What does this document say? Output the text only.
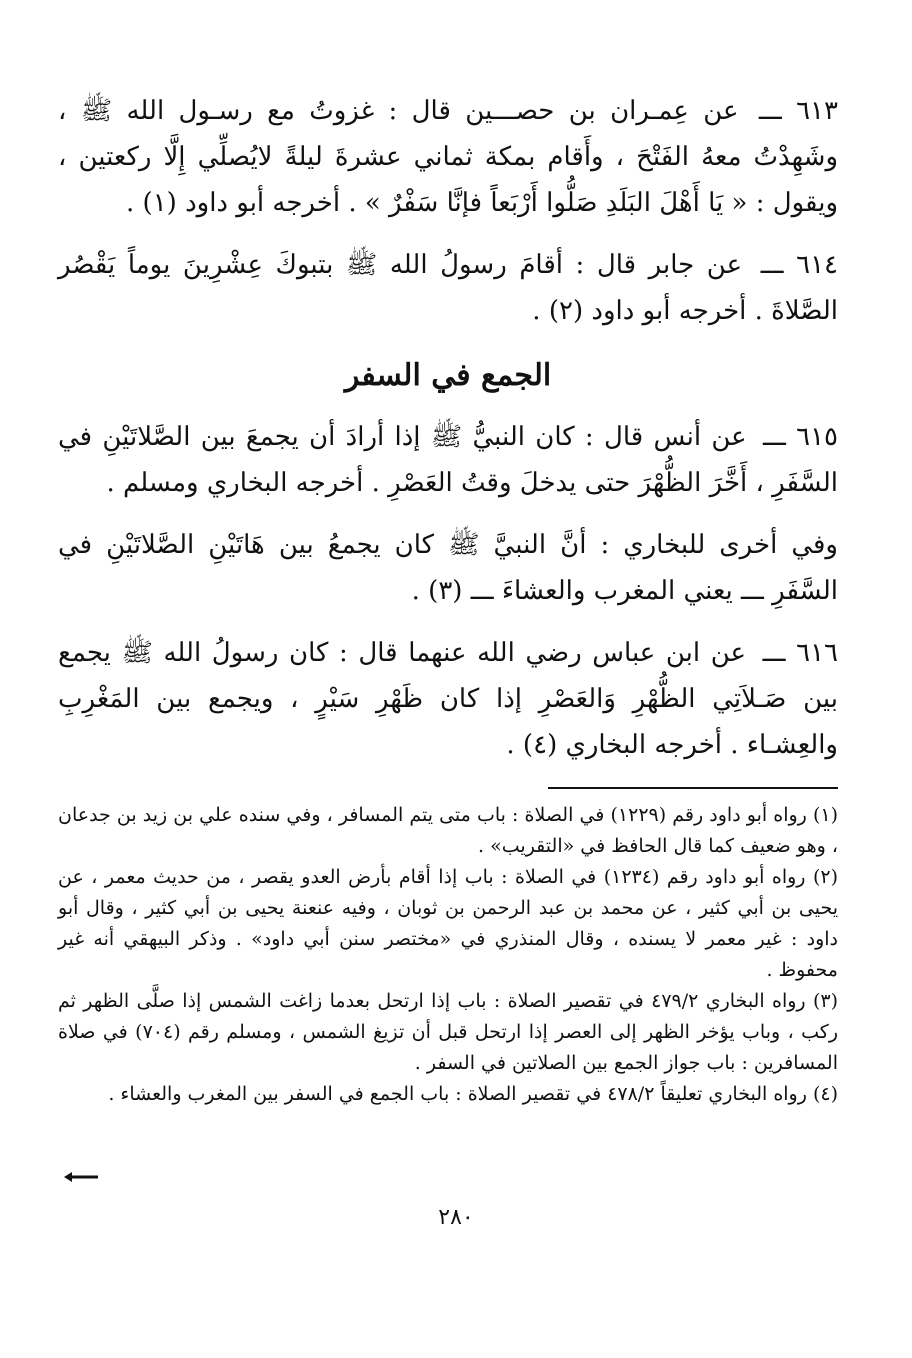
٦١٣ ـــ عن عِمـران بن حصـــين قال : غزوتُ مع رسـول الله ﷺ ، وشَهِدْتُ معهُ الفَتْحَ ، وأَقام بمكة ثماني عشرةَ ليلةً لايُصلِّي إِلَّا ركعتين ، ويقول : « يَا أَهْلَ البَلَدِ صَلُّوا أَرْبَعاً فإنَّا سَفْرٌ » . أخرجه أبو داود (١) .

٦١٤ ـــ عن جابر قال : أقامَ رسولُ الله ﷺ بتبوكَ عِشْرِينَ يوماً يَقْصُر الصَّلاةَ . أخرجه أبو داود (٢) .

الجمع في السفر

٦١٥ ـــ عن أنس قال : كان النبيُّ ﷺ إذا أرادَ أن يجمعَ بين الصَّلاتَيْنِ في السَّفَرِ ، أَخَّرَ الظُّهْرَ حتى يدخلَ وقتُ العَصْرِ . أخرجه البخاري ومسلم .

وفي أخرى للبخاري : أنَّ النبيَّ ﷺ كان يجمعُ بين هَاتَيْنِ الصَّلاتَيْنِ في السَّفَرِ ـــ يعني المغرب والعشاءَ ـــ (٣) .

٦١٦ ـــ عن ابن عباس رضي الله عنهما قال : كان رسولُ الله ﷺ يجمع بين صَـلاَتِي الظُّهْرِ وَالعَصْرِ إذا كان ظَهْرِ سَيْرٍ ، ويجمع بين المَغْرِبِ والعِشـاء . أخرجه البخاري (٤) .

(١) رواه أبو داود رقم (١٢٢٩) في الصلاة : باب متى يتم المسافر ، وفي سنده علي بن زيد بن جدعان ، وهو ضعيف كما قال الحافظ في «التقريب» .

(٢) رواه أبو داود رقم (١٢٣٤) في الصلاة : باب إذا أقام بأرض العدو يقصر ، من حديث معمر ، عن يحيى بن أبي كثير ، عن محمد بن عبد الرحمن بن ثوبان ، وفيه عنعنة يحيى بن أبي كثير ، وقال أبو داود : غير معمر لا يسنده ، وقال المنذري في «مختصر سنن أبي داود» . وذكر البيهقي أنه غير محفوظ .

(٣) رواه البخاري ٤٧٩/٢ في تقصير الصلاة : باب إذا ارتحل بعدما زاغت الشمس إذا صلَّى الظهر ثم ركب ، وباب يؤخر الظهر إلى العصر إذا ارتحل قبل أن تزيغ الشمس ، ومسلم رقم (٧٠٤) في صلاة المسافرين : باب جواز الجمع بين الصلاتين في السفر .

(٤) رواه البخاري تعليقاً ٤٧٨/٢ في تقصير الصلاة : باب الجمع في السفر بين المغرب والعشاء .

٢٨٠
